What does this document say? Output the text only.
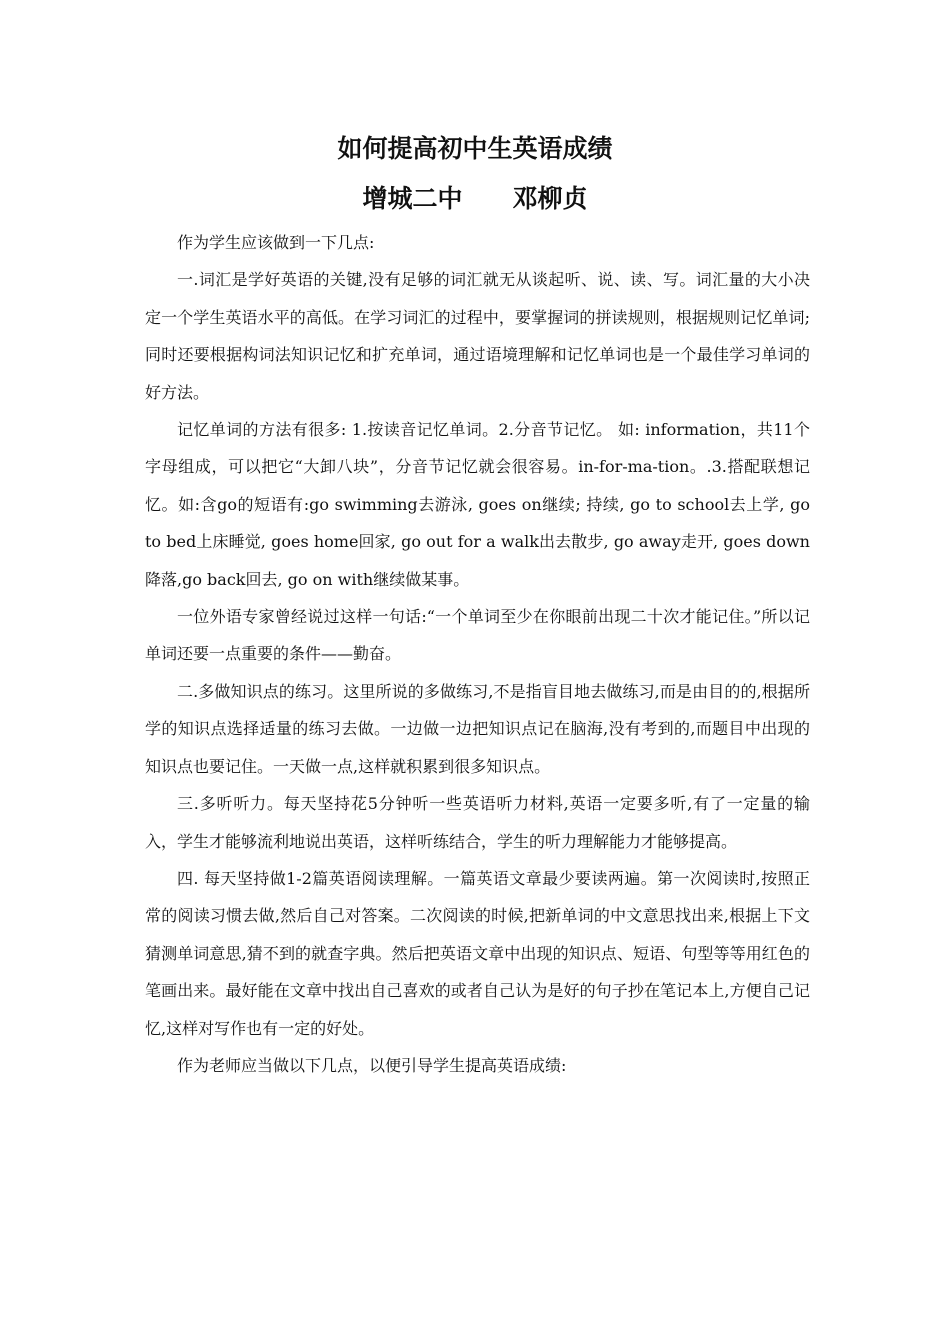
如何提高初中生英语成绩
增城二中 邓柳贞

作为学生应该做到一下几点:

一.词汇是学好英语的关键,没有足够的词汇就无从谈起听、说、读、写。词汇量的大小决定一个学生英语水平的高低。在学习词汇的过程中，要掌握词的拼读规则，根据规则记忆单词; 同时还要根据构词法知识记忆和扩充单词，通过语境理解和记忆单词也是一个最佳学习单词的好方法。

记忆单词的方法有很多: 1.按读音记忆单词。2.分音节记忆。 如: information，共11个字母组成，可以把它“大卸八块”，分音节记忆就会很容易。in-for-ma-tion。.3.搭配联想记忆。如:含go的短语有:go swimming去游泳, goes on继续; 持续, go to school去上学, go to bed上床睡觉, goes home回家, go out for a walk出去散步, go away走开, goes down降落,go back回去, go on with继续做某事。

一位外语专家曾经说过这样一句话:“一个单词至少在你眼前出现二十次才能记住。”所以记单词还要一点重要的条件——勤奋。

二.多做知识点的练习。这里所说的多做练习,不是指盲目地去做练习,而是由目的的,根据所学的知识点选择适量的练习去做。一边做一边把知识点记在脑海,没有考到的,而题目中出现的知识点也要记住。一天做一点,这样就积累到很多知识点。

三.多听听力。每天坚持花5分钟听一些英语听力材料,英语一定要多听,有了一定量的输入，学生才能够流利地说出英语，这样听练结合，学生的听力理解能力才能够提高。

四. 每天坚持做1-2篇英语阅读理解。一篇英语文章最少要读两遍。第一次阅读时,按照正常的阅读习惯去做,然后自己对答案。二次阅读的时候,把新单词的中文意思找出来,根据上下文猜测单词意思,猜不到的就查字典。然后把英语文章中出现的知识点、短语、句型等等用红色的笔画出来。最好能在文章中找出自己喜欢的或者自己认为是好的句子抄在笔记本上,方便自己记忆,这样对写作也有一定的好处。

作为老师应当做以下几点，以便引导学生提高英语成绩:
